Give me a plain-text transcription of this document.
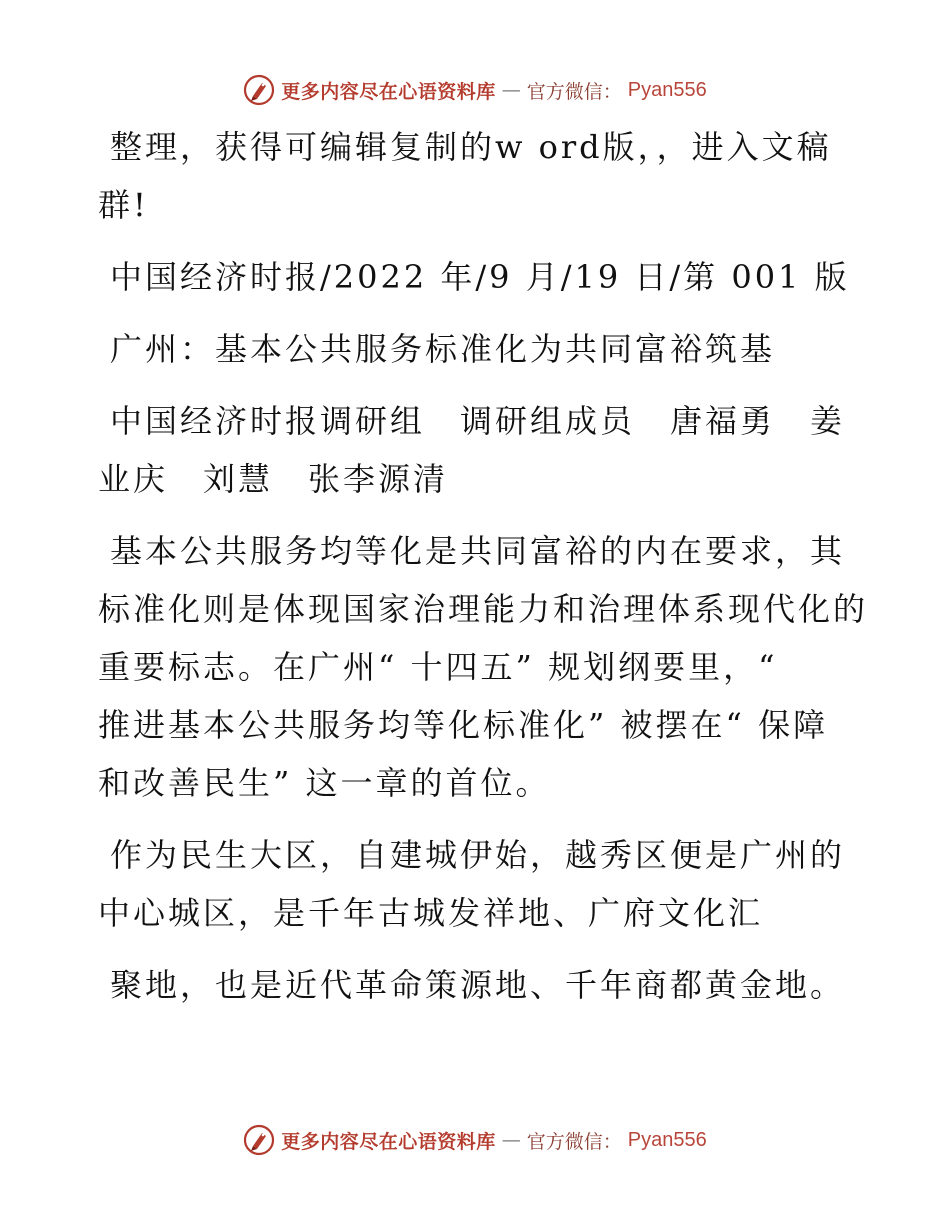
更多内容尽在心语资料库 — 官方微信： Pyan556

整理，获得可编辑复制的w ord版，，进入文稿
群!

中国经济时报/2022 年/9 月/19 日/第 001 版

广州：基本公共服务标准化为共同富裕筑基

中国经济时报调研组　调研组成员　唐福勇　姜
业庆　刘慧　张李源清

基本公共服务均等化是共同富裕的内在要求，其
标准化则是体现国家治理能力和治理体系现代化的
重要标志。在广州“ 十四五” 规划纲要里，“
推进基本公共服务均等化标准化” 被摆在“ 保障
和改善民生” 这一章的首位。

作为民生大区，自建城伊始，越秀区便是广州的
中心城区，是千年古城发祥地、广府文化汇

聚地，也是近代革命策源地、千年商都黄金地。

更多内容尽在心语资料库 — 官方微信： Pyan556
